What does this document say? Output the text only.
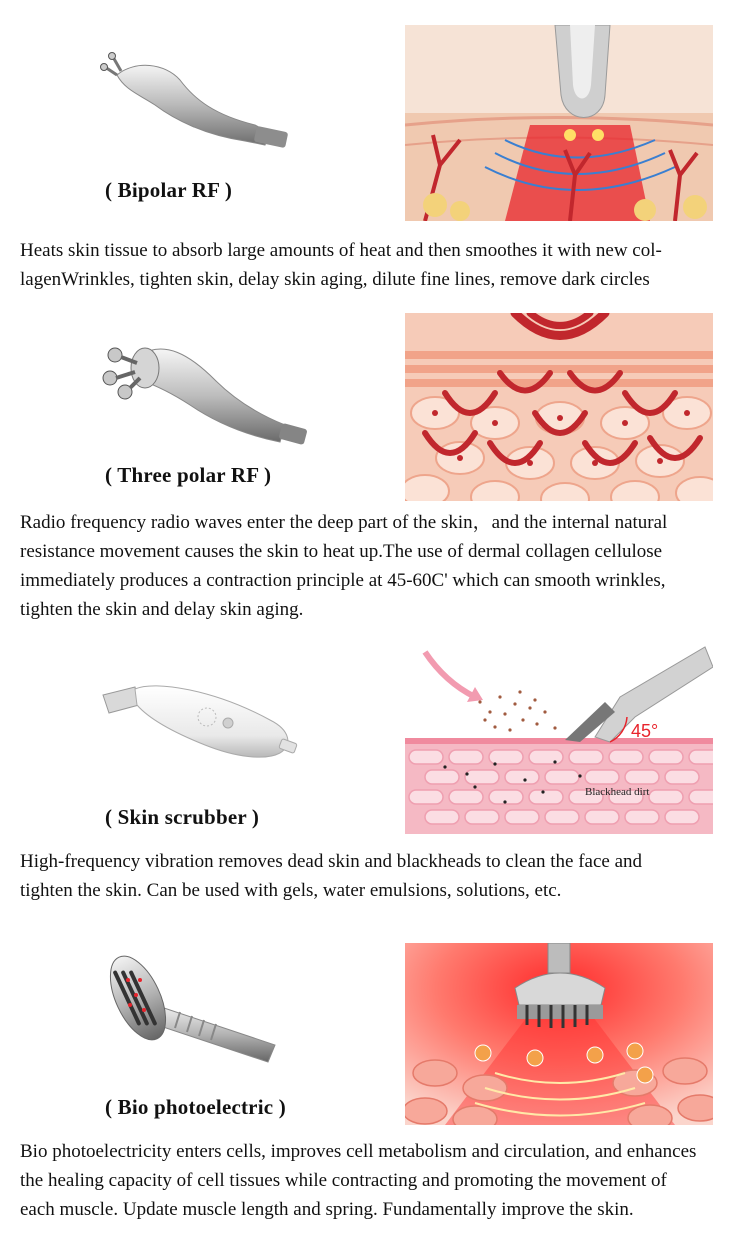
( Bipolar RF )

Heats skin tissue to absorb large amounts of heat and then smoothes it with new col-
lagenWrinkles, tighten skin, delay skin aging, dilute fine lines, remove dark circles

( Three polar RF )

Radio frequency radio waves enter the deep part of the skin，and the internal natural
resistance movement causes the skin to heat up.The use of dermal collagen cellulose
immediately produces a contraction principle at 45-60C' which can smooth wrinkles,
tighten the skin and delay skin aging.

( Skin scrubber )
45°
Blackhead dirt

High-frequency vibration removes dead skin and blackheads to clean the face and
tighten the skin. Can be used with gels, water emulsions, solutions, etc.

( Bio photoelectric )

Bio photoelectricity enters cells, improves cell metabolism and circulation, and enhances
the healing capacity of cell tissues while contracting and promoting the movement of
each muscle. Update muscle length and spring. Fundamentally improve the skin.
